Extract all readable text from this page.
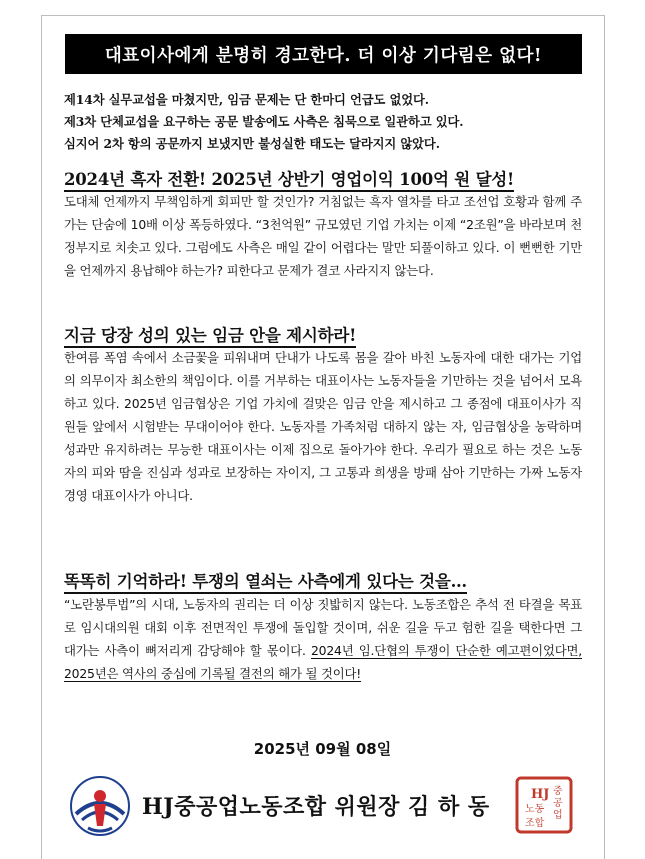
대표이사에게 분명히 경고한다. 더 이상 기다림은 없다!
제14차 실무교섭을 마쳤지만, 임금 문제는 단 한마디 언급도 없었다.
제3차 단체교섭을 요구하는 공문 발송에도 사측은 침묵으로 일관하고 있다.
심지어 2차 항의 공문까지 보냈지만 불성실한 태도는 달라지지 않았다.
2024년 흑자 전환! 2025년 상반기 영업이익 100억 원 달성!
도대체 언제까지 무책임하게 회피만 할 것인가? 거침없는 흑자 열차를 타고 조선업 호황과 함께 주가는 단숨에 10배 이상 폭등하였다. “3천억원” 규모였던 기업 가치는 이제 “2조원”을 바라보며 천정부지로 치솟고 있다. 그럼에도 사측은 매일 같이 어렵다는 말만 되풀이하고 있다. 이 뻔뻔한 기만을 언제까지 용납해야 하는가? 피한다고 문제가 결코 사라지지 않는다.
지금 당장 성의 있는 임금 안을 제시하라!
한여름 폭염 속에서 소금꽃을 피워내며 단내가 나도록 몸을 갈아 바친 노동자에 대한 대가는 기업의 의무이자 최소한의 책임이다. 이를 거부하는 대표이사는 노동자들을 기만하는 것을 넘어서 모욕하고 있다. 2025년 임금협상은 기업 가치에 걸맞은 임금 안을 제시하고 그 종점에 대표이사가 직원들 앞에서 시험받는 무대이어야 한다. 노동자를 가족처럼 대하지 않는 자, 임금협상을 농락하며 성과만 유지하려는 무능한 대표이사는 이제 집으로 돌아가야 한다. 우리가 필요로 하는 것은 노동자의 피와 땀을 진심과 성과로 보장하는 자이지, 그 고통과 희생을 방패 삼아 기만하는 가짜 노동자경영 대표이사가 아니다.
똑똑히 기억하라! 투쟁의 열쇠는 사측에게 있다는 것을…
“노란봉투법”의 시대, 노동자의 권리는 더 이상 짓밟히지 않는다. 노동조합은 추석 전 타결을 목표로 임시대의원 대회 이후 전면적인 투쟁에 돌입할 것이며, 쉬운 길을 두고 험한 길을 택한다면 그 대가는 사측이 뼈저리게 감당해야 할 몫이다. 2024년 임.단협의 투쟁이 단순한 예고편이었다면, 2025년은 역사의 중심에 기록될 결전의 해가 될 것이다!
2025년 09월 08일
HJ중공업노동조합 위원장 김 하 동	HJ 중
공
업
노동
조합
